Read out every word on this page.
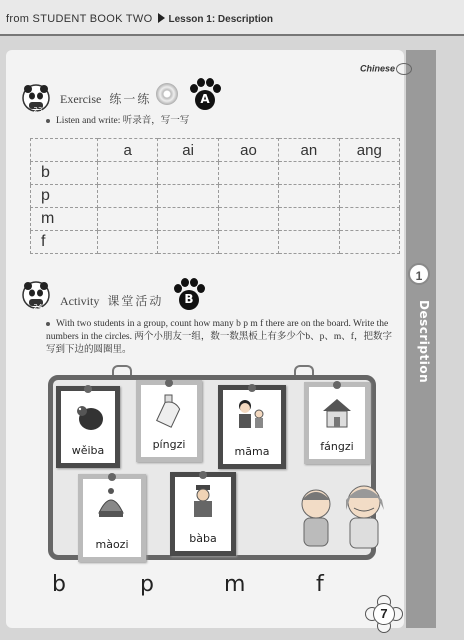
from STUDENT BOOK TWO Lesson 1: Description
1
Description
Chinese
23
Exercise 练一练	A
Listen and write: 听录音，写一写
	a	ai	ao	an	ang
b					
p					
m					
f					
24 Activity 课堂活动	B
With two students in a group, count how many b p m f there are on the board. Write the numbers in the circles. 两个小朋友一组，数一数黑板上有多少个b、p、m、f，把数字写到下边的圆圈里。
wěiba	píngzi
māma	fángzi
màozi	bàba
b	p	m	f
7
